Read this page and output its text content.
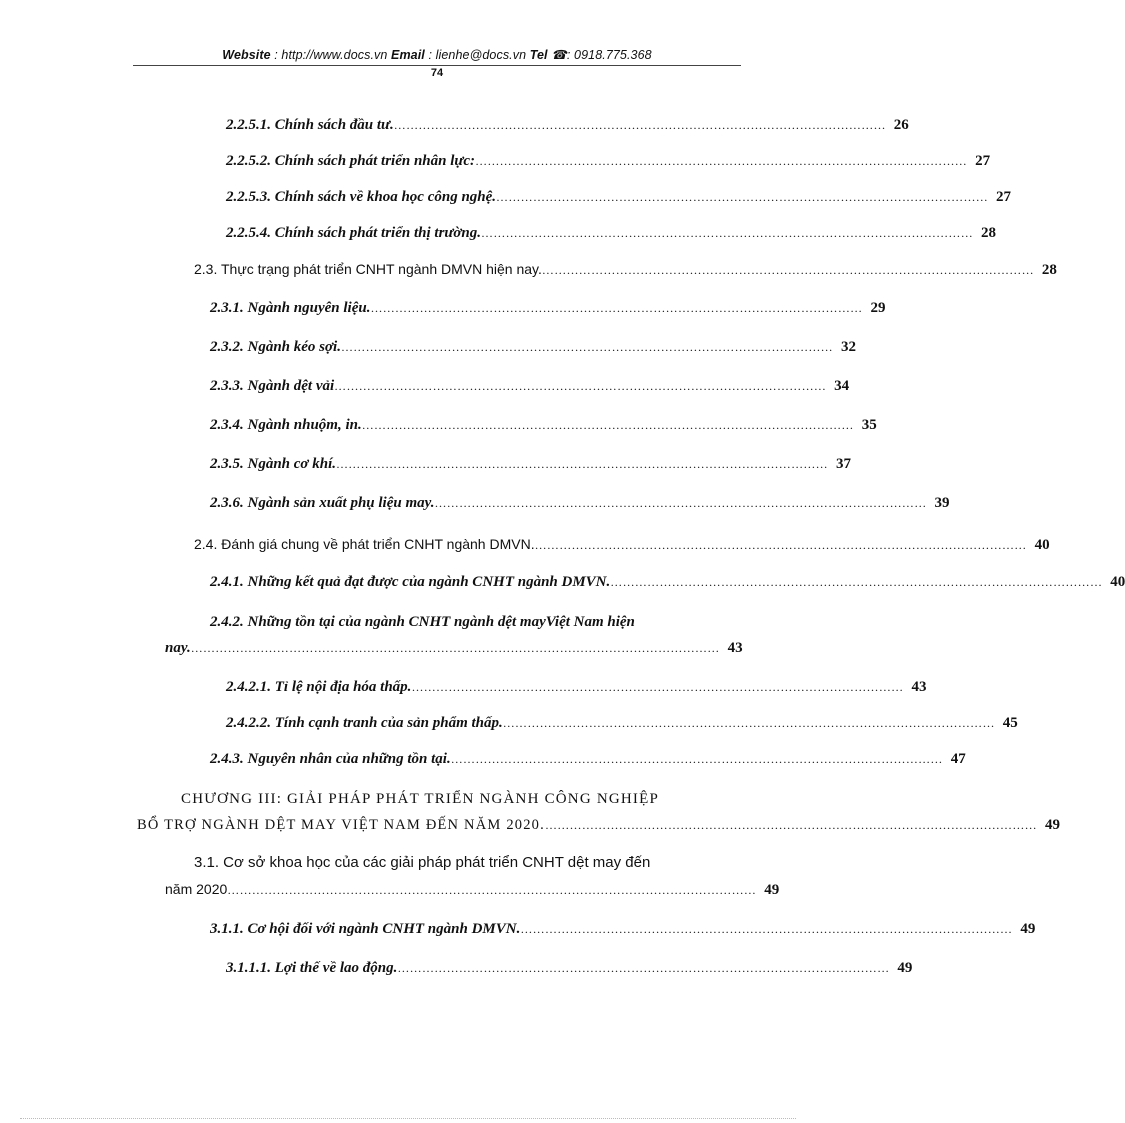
Website : http://www.docs.vn Email : lienhe@docs.vn Tel ☎: 0918.775.368
74
2.2.5.1. Chính sách đầu tư. ………………………………………………………………………………………………………… 26
2.2.5.2. Chính sách phát triển nhân lực: ………………………………………………………………………………………………………… 27
2.2.5.3. Chính sách về khoa học công nghệ. ………………………………………………………………………………………………………… 27
2.2.5.4. Chính sách phát triển thị trường. ………………………………………………………………………………………………………… 28
2.3. Thực trạng phát triển CNHT ngành DMVN hiện nay. ………………………………………………………………………………………………………… 28
2.3.1. Ngành nguyên liệu. ………………………………………………………………………………………………………… 29
2.3.2. Ngành kéo sợi. ………………………………………………………………………………………………………… 32
2.3.3. Ngành dệt vải ………………………………………………………………………………………………………… 34
2.3.4. Ngành nhuộm, in. ………………………………………………………………………………………………………… 35
2.3.5. Ngành cơ khí. ………………………………………………………………………………………………………… 37
2.3.6. Ngành sản xuất phụ liệu may. ………………………………………………………………………………………………………… 39
2.4. Đánh giá chung về phát triển CNHT ngành DMVN. ………………………………………………………………………………………………………… 40
2.4.1. Những kết quả đạt được của ngành CNHT ngành DMVN. ………………………………………………………………………………………………………… 40
2.4.2. Những tồn tại của ngành CNHT ngành dệt mayViệt Nam hiện
nay. ………………………………………………………………………………………………………………… 43
2.4.2.1. Tỉ lệ nội địa hóa thấp. ………………………………………………………………………………………………………… 43
2.4.2.2. Tính cạnh tranh của sản phẩm thấp. ………………………………………………………………………………………………………… 45
2.4.3. Nguyên nhân của những tồn tại. ………………………………………………………………………………………………………… 47
CHƯƠNG III: GIẢI PHÁP PHÁT TRIỂN NGÀNH CÔNG NGHIỆP
BỔ TRỢ NGÀNH DỆT MAY VIỆT NAM ĐẾN NĂM 2020. ………………………………………………………………………………………………………… 49
3.1. Cơ sở khoa học của các giải pháp phát triển CNHT dệt may đến
năm 2020 ………………………………………………………………………………………………………………… 49
3.1.1. Cơ hội đối với ngành CNHT ngành DMVN. ………………………………………………………………………………………………………… 49
3.1.1.1. Lợi thế về lao động. ………………………………………………………………………………………………………… 49
